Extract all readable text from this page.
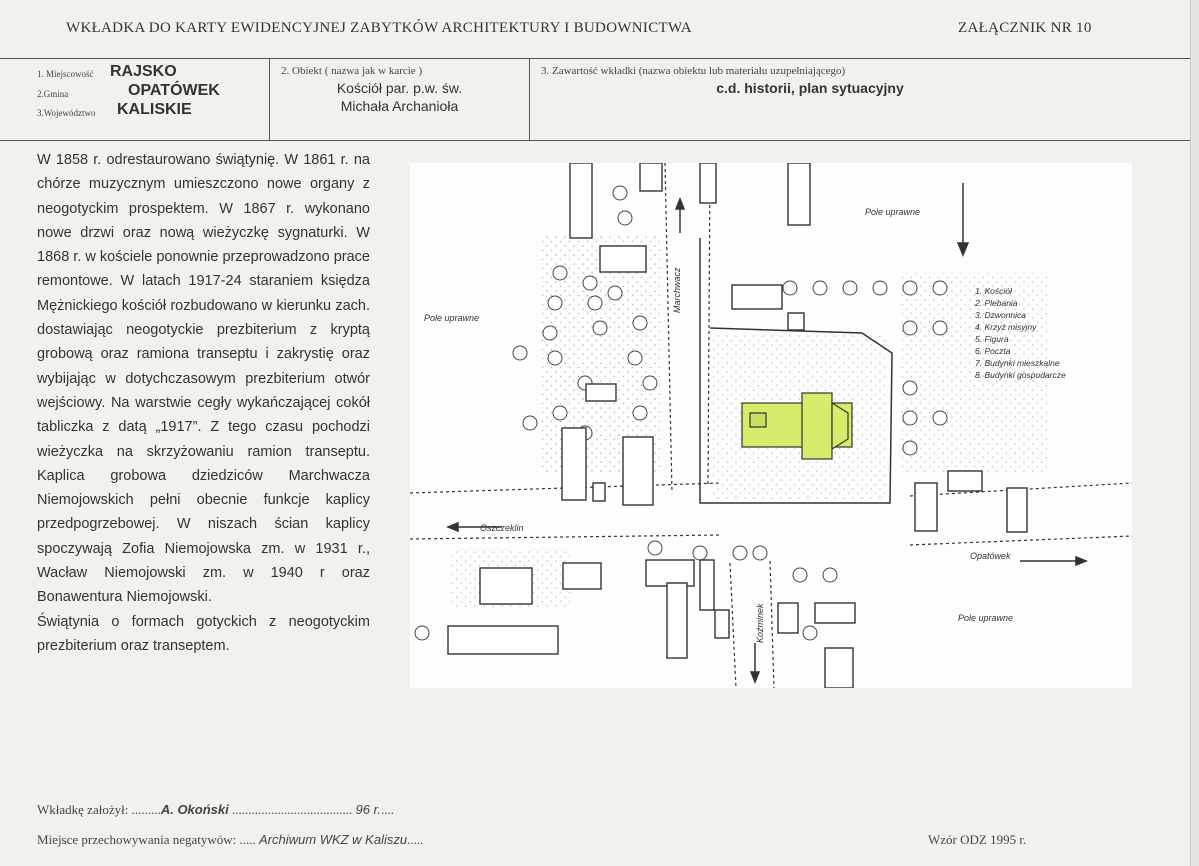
WKŁADKA DO KARTY EWIDENCYJNEJ ZABYTKÓW ARCHITEKTURY I BUDOWNICTWA	ZAŁĄCZNIK NR 10
1. Miejscowość RAJSKO
2.Gmina	OPATÓWEK
3.Województwo KALISKIE
2. Obiekt ( nazwa jak w karcie )
Kościół par. p.w. św.
Michała Archanioła
3. Zawartość wkładki (nazwa obiektu lub materiału uzupełniającego)
c.d. historii, plan sytuacyjny

W 1858 r. odrestaurowano świątynię. W 1861 r. na chórze muzycznym umieszczono nowe organy z neogotyckim prospektem. W 1867 r. wykonano nowe drzwi oraz nową wieżyczkę sygnaturki. W 1868 r. w kościele ponownie przeprowadzono prace remontowe. W latach 1917-24 staraniem księdza Mężnickiego kościół rozbudowano w kierunku zach. dostawiając neogotyckie prezbiterium z kryptą grobową oraz ramiona transeptu i zakrystię oraz wybijając w dotychczasowym prezbiterium otwór wejściowy. Na warstwie cegły wykańczającej cokół tabliczka z datą „1917”. Z tego czasu pochodzi wieżyczka na skrzyżowaniu ramion transeptu. Kaplica grobowa dziedziców Marchwacza Niemojowskich pełni obecnie funkcje kaplicy przedpogrzebowej. W niszach ścian kaplicy spoczywają Zofia Niemojowska zm. w 1931 r., Wacław Niemojowski zm. w 1940 r oraz Bonawentura Niemojowski.

Świątynia o formach gotyckich z neogotyckim prezbiterium oraz transeptem.

Pole uprawne
Pole uprawne
Pole uprawne
Oszczeklin
Opatówek
Marchwacz
Koźminek
1. Kościół
2. Plebania
3. Dzwonnica
4. Krzyż misyjny
5. Figura
6. Poczta
7. Budynki mieszkalne
8. Budynki gospodarcze
Wkładkę założył: .........A. Okoński ..................................... 96 r.....
Miejsce przechowywania negatywów: ..... Archiwum WKZ w Kaliszu.....	Wzór ODZ 1995 r.
